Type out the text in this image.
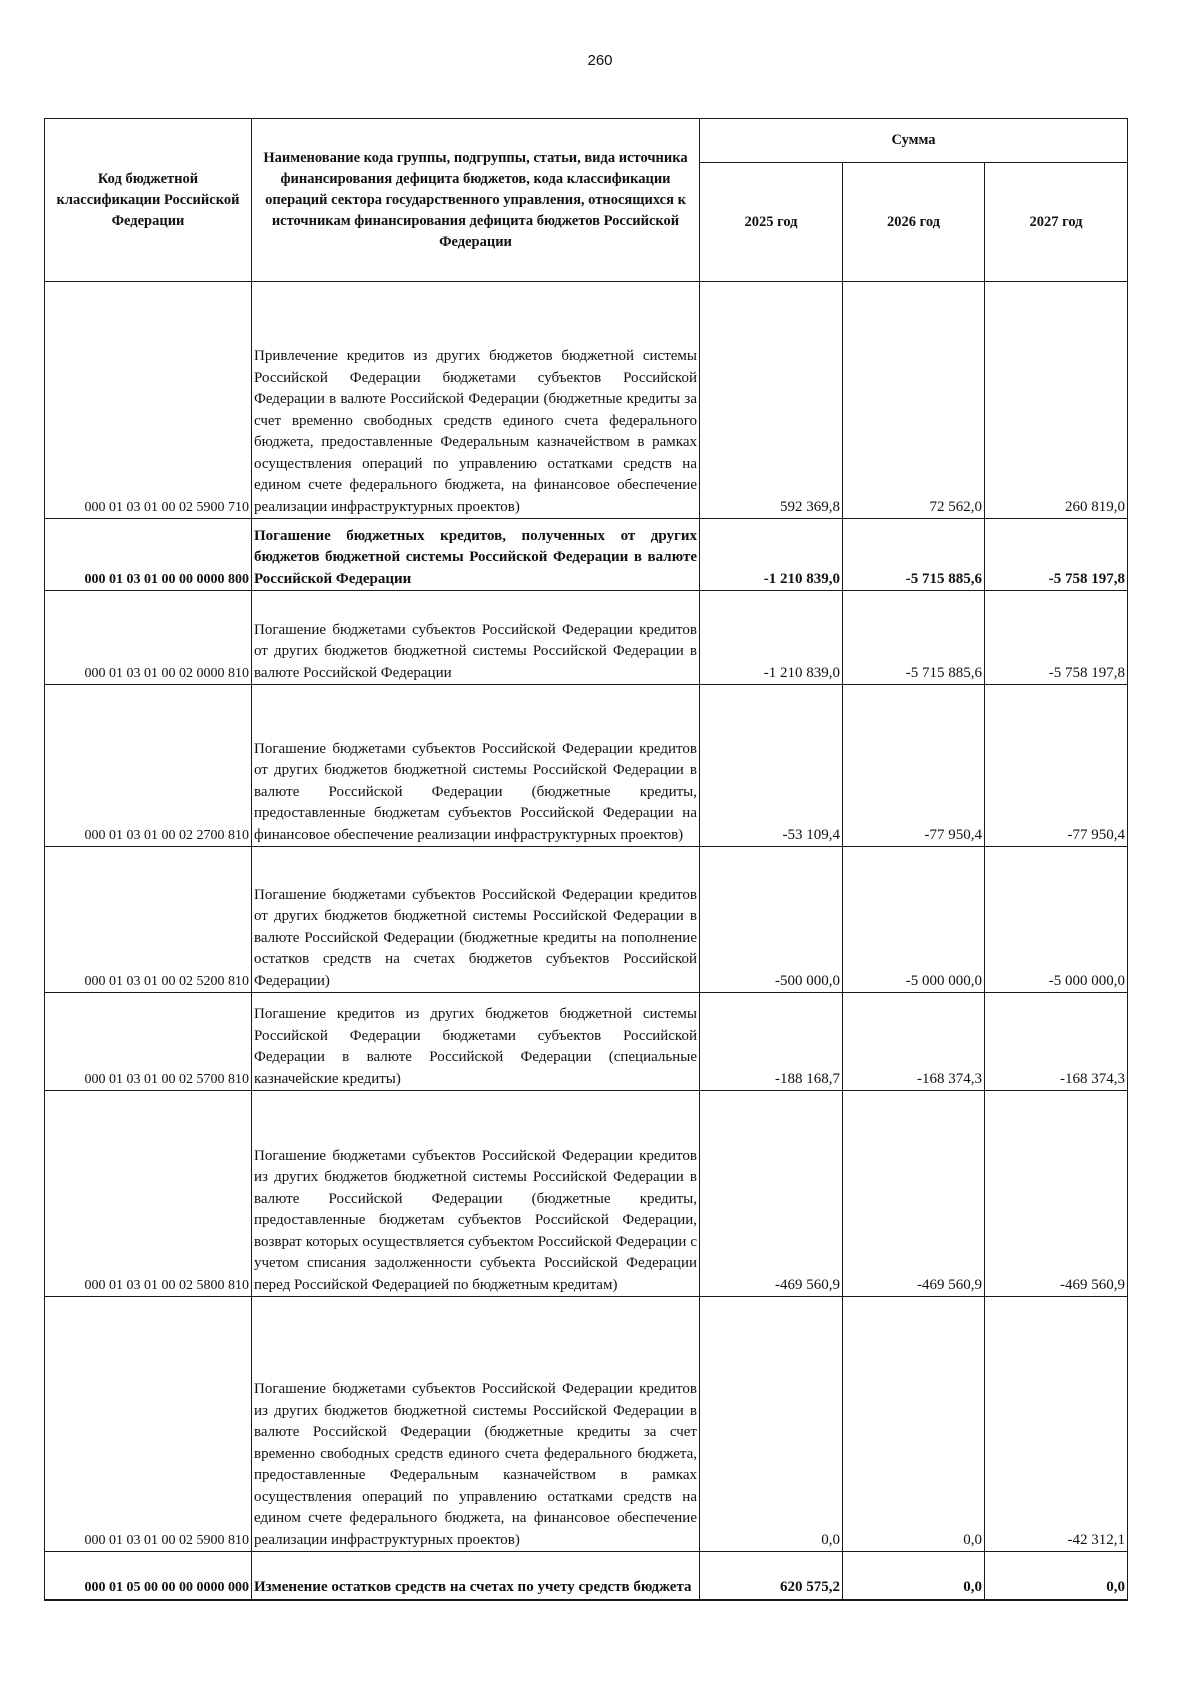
260
Код бюджетной классификации Российской Федерации	Наименование кода группы, подгруппы, статьи, вида источника финансирования дефицита бюджетов, кода классификации операций сектора государственного управления, относящихся к источникам финансирования дефицита бюджетов Российской Федерации	Сумма		
		2025 год	2026 год	2027 год
000 01 03 01 00 02 5900 710	Привлечение кредитов из других бюджетов бюджетной системы Российской Федерации бюджетами субъектов Российской Федерации в валюте Российской Федерации (бюджетные кредиты за счет временно свободных средств единого счета федерального бюджета, предоставленные Федеральным казначейством в рамках осуществления операций по управлению остатками средств на едином счете федерального бюджета, на финансовое обеспечение реализации инфраструктурных проектов)	592 369,8	72 562,0	260 819,0
000 01 03 01 00 00 0000 800	Погашение бюджетных кредитов, полученных от других бюджетов бюджетной системы Российской Федерации в валюте Российской Федерации	-1 210 839,0	-5 715 885,6	-5 758 197,8
000 01 03 01 00 02 0000 810	Погашение бюджетами субъектов Российской Федерации кредитов от других бюджетов бюджетной системы Российской Федерации в валюте Российской Федерации	-1 210 839,0	-5 715 885,6	-5 758 197,8
000 01 03 01 00 02 2700 810	Погашение бюджетами субъектов Российской Федерации кредитов от других бюджетов бюджетной системы Российской Федерации в валюте Российской Федерации (бюджетные кредиты, предоставленные бюджетам субъектов Российской Федерации на финансовое обеспечение реализации инфраструктурных проектов)	-53 109,4	-77 950,4	-77 950,4
000 01 03 01 00 02 5200 810	Погашение бюджетами субъектов Российской Федерации кредитов от других бюджетов бюджетной системы Российской Федерации в валюте Российской Федерации (бюджетные кредиты на пополнение остатков средств на счетах бюджетов субъектов Российской Федерации)	-500 000,0	-5 000 000,0	-5 000 000,0
000 01 03 01 00 02 5700 810	Погашение кредитов из других бюджетов бюджетной системы Российской Федерации бюджетами субъектов Российской Федерации в валюте Российской Федерации (специальные казначейские кредиты)	-188 168,7	-168 374,3	-168 374,3
000 01 03 01 00 02 5800 810	Погашение бюджетами субъектов Российской Федерации кредитов из других бюджетов бюджетной системы Российской Федерации в валюте Российской Федерации (бюджетные кредиты, предоставленные бюджетам субъектов Российской Федерации, возврат которых осуществляется субъектом Российской Федерации с учетом списания задолженности субъекта Российской Федерации перед Российской Федерацией по бюджетным кредитам)	-469 560,9	-469 560,9	-469 560,9
000 01 03 01 00 02 5900 810	Погашение бюджетами субъектов Российской Федерации кредитов из других бюджетов бюджетной системы Российской Федерации в валюте Российской Федерации (бюджетные кредиты за счет временно свободных средств единого счета федерального бюджета, предоставленные Федеральным казначейством в рамках осуществления операций по управлению остатками средств на едином счете федерального бюджета, на финансовое обеспечение реализации инфраструктурных проектов)	0,0	0,0	-42 312,1
000 01 05 00 00 00 0000 000	Изменение остатков средств на счетах по учету средств бюджета	620 575,2	0,0	0,0
